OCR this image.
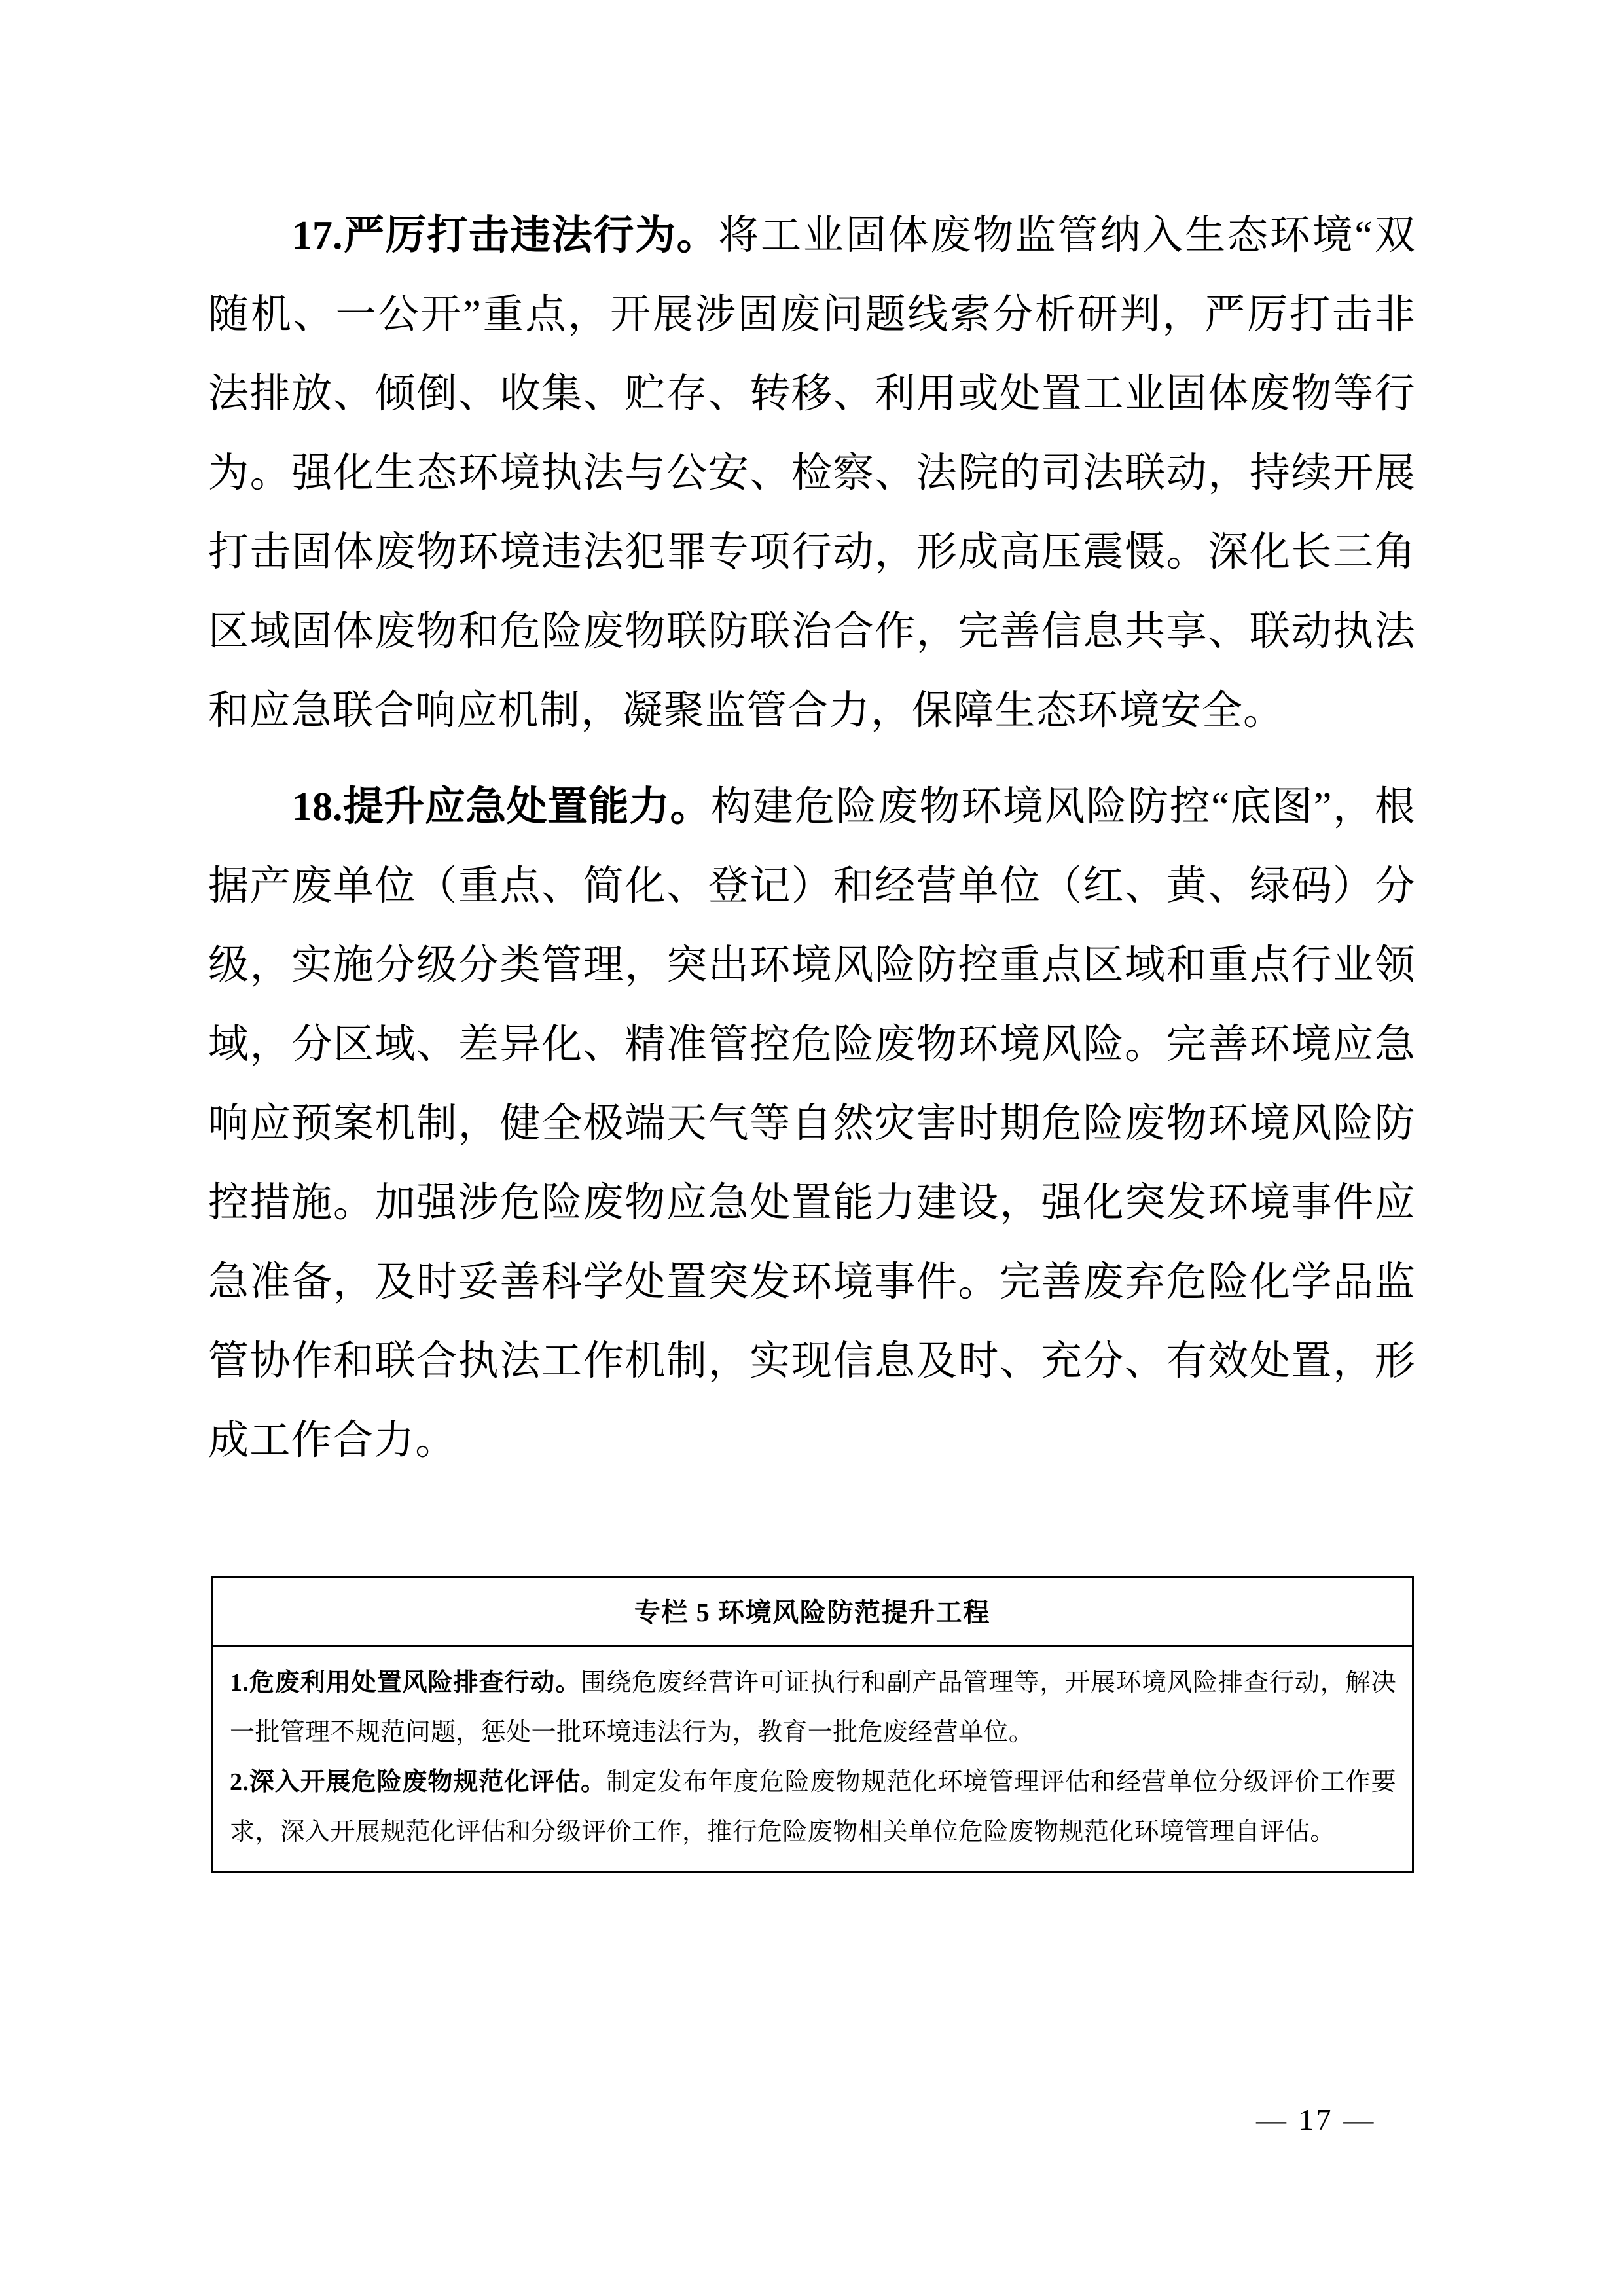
17.严厉打击违法行为。将工业固体废物监管纳入生态环境“双随机、一公开”重点，开展涉固废问题线索分析研判，严厉打击非法排放、倾倒、收集、贮存、转移、利用或处置工业固体废物等行为。强化生态环境执法与公安、检察、法院的司法联动，持续开展打击固体废物环境违法犯罪专项行动，形成高压震慑。深化长三角区域固体废物和危险废物联防联治合作，完善信息共享、联动执法和应急联合响应机制，凝聚监管合力，保障生态环境安全。

18.提升应急处置能力。构建危险废物环境风险防控“底图”，根据产废单位（重点、简化、登记）和经营单位（红、黄、绿码）分级，实施分级分类管理，突出环境风险防控重点区域和重点行业领域，分区域、差异化、精准管控危险废物环境风险。完善环境应急响应预案机制，健全极端天气等自然灾害时期危险废物环境风险防控措施。加强涉危险废物应急处置能力建设，强化突发环境事件应急准备，及时妥善科学处置突发环境事件。完善废弃危险化学品监管协作和联合执法工作机制，实现信息及时、充分、有效处置，形成工作合力。

专栏 5 环境风险防范提升工程

1.危废利用处置风险排查行动。围绕危废经营许可证执行和副产品管理等，开展环境风险排查行动，解决一批管理不规范问题，惩处一批环境违法行为，教育一批危废经营单位。

2.深入开展危险废物规范化评估。制定发布年度危险废物规范化环境管理评估和经营单位分级评价工作要求，深入开展规范化评估和分级评价工作，推行危险废物相关单位危险废物规范化环境管理自评估。

— 17 —
